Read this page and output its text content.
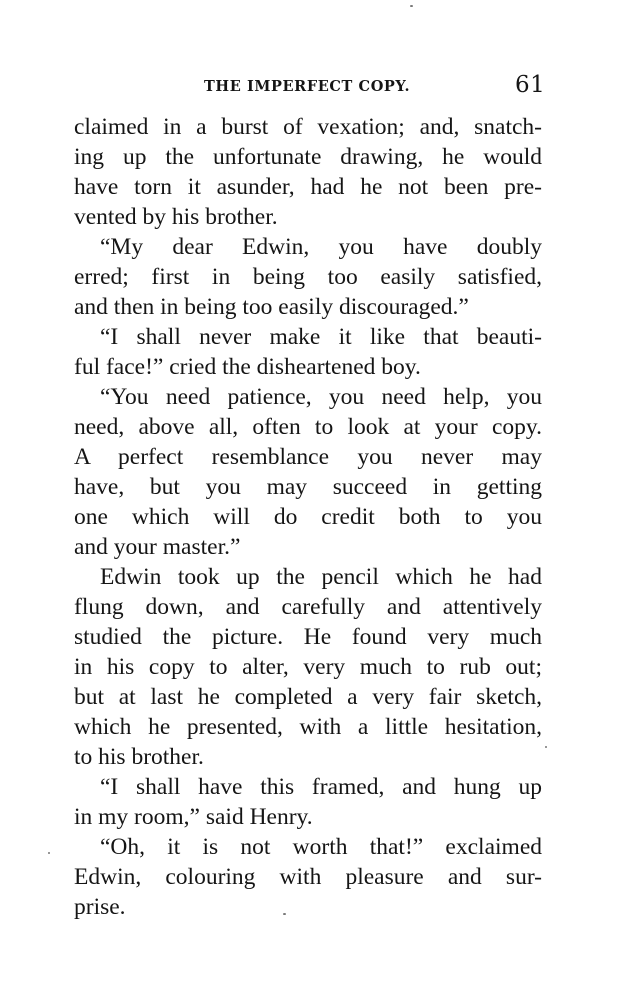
THE IMPERFECT COPY.	61
claimed in a burst of vexation; and, snatch-
ing up the unfortunate drawing, he would
have torn it asunder, had he not been pre-
vented by his brother.
“My dear Edwin, you have doubly
erred; first in being too easily satisfied,
and then in being too easily discouraged.”
“I shall never make it like that beauti-
ful face!” cried the disheartened boy.
“You need patience, you need help, you
need, above all, often to look at your copy.
A perfect resemblance you never may
have, but you may succeed in getting
one which will do credit both to you
and your master.”
Edwin took up the pencil which he had
flung down, and carefully and attentively
studied the picture. He found very much
in his copy to alter, very much to rub out;
but at last he completed a very fair sketch,
which he presented, with a little hesitation,
to his brother.
“I shall have this framed, and hung up
in my room,” said Henry.
“Oh, it is not worth that!” exclaimed
Edwin, colouring with pleasure and sur-
prise.
